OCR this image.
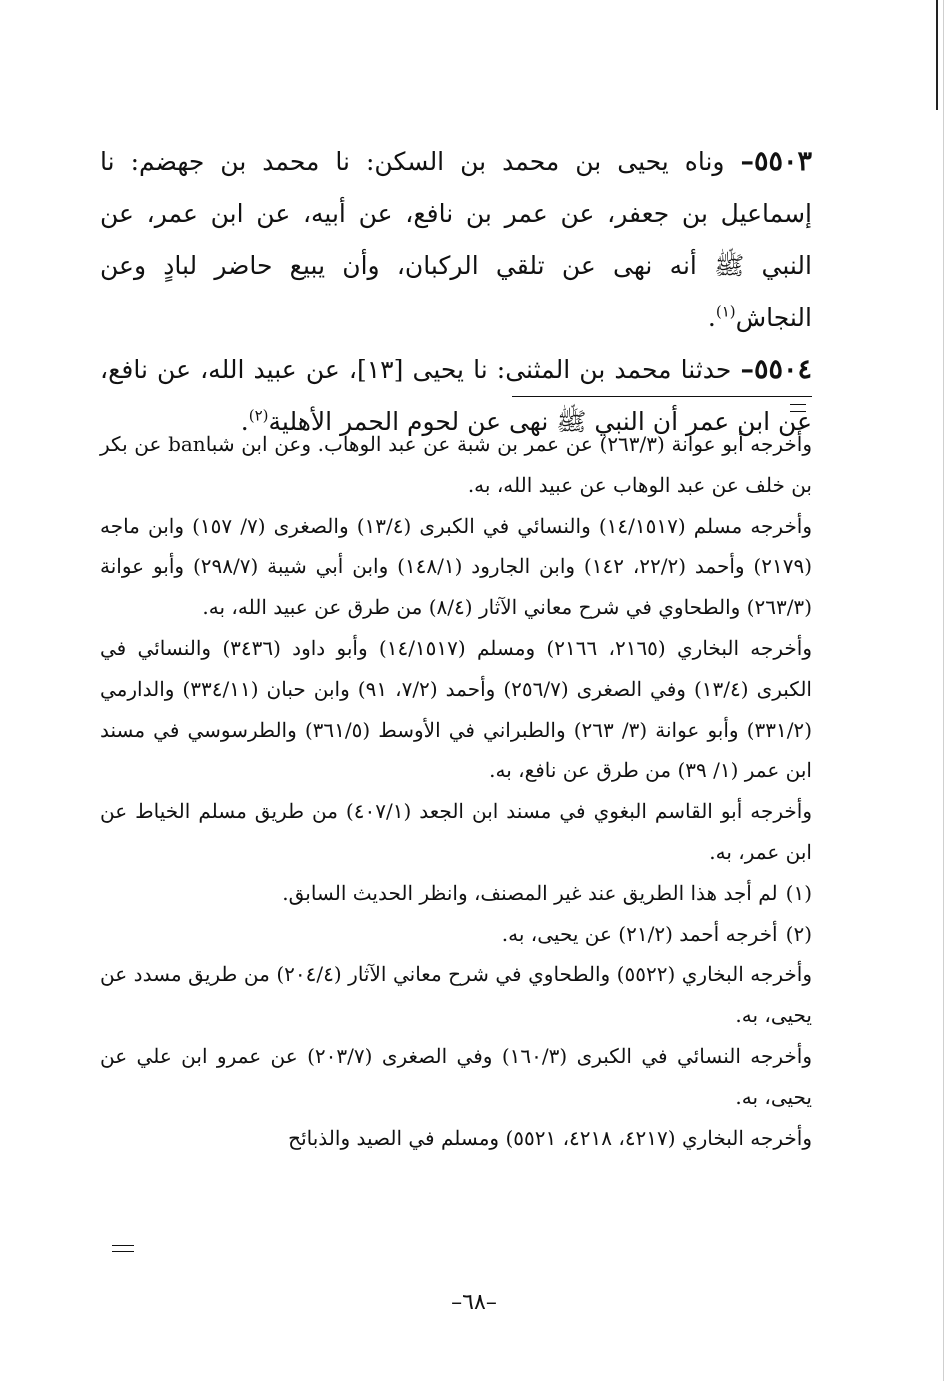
٥٥٠٣– وناه يحيى بن محمد بن السكن: نا محمد بن جهضم: نا إسماعيل بن جعفر، عن عمر بن نافع، عن أبيه، عن ابن عمر، عن النبي ﷺ أنه نهى عن تلقي الركبان، وأن يبيع حاضر لبادٍ وعن النجاش$^{(١)}$.

٥٥٠٤– حدثنا محمد بن المثنى: نا يحيى [١٣]، عن عبيد الله، عن نافع، عن ابن عمر أن النبي ﷺ نهى عن لحوم الحمر الأهلية$^{(٢)}$.

وأخرجه أبو عوانة (٢٦٣/٣) عن عمر بن شبة عن عبد الوهاب. وعن ابن شباban عن بكر بن خلف عن عبد الوهاب عن عبيد الله، به.

وأخرجه مسلم (١٤/١٥١٧) والنسائي في الكبرى (١٣/٤) والصغرى (٧/ ١٥٧) وابن ماجه (٢١٧٩) وأحمد (٢٢/٢، ١٤٢) وابن الجارود (١٤٨/١) وابن أبي شيبة (٢٩٨/٧) وأبو عوانة (٢٦٣/٣) والطحاوي في شرح معاني الآثار (٨/٤) من طرق عن عبيد الله، به.

وأخرجه البخاري (٢١٦٥، ٢١٦٦) ومسلم (١٤/١٥١٧) وأبو داود (٣٤٣٦) والنسائي في الكبرى (١٣/٤) وفي الصغرى (٢٥٦/٧) وأحمد (٧/٢، ٩١) وابن حبان (٣٣٤/١١) والدارمي (٣٣١/٢) وأبو عوانة (٣/ ٢٦٣) والطبراني في الأوسط (٣٦١/٥) والطرسوسي في مسند ابن عمر (١/ ٣٩) من طرق عن نافع، به.

وأخرجه أبو القاسم البغوي في مسند ابن الجعد (٤٠٧/١) من طريق مسلم الخياط عن ابن عمر، به.

(١)لم أجد هذا الطريق عند غير المصنف، وانظر الحديث السابق.

(٢)أخرجه أحمد (٢١/٢) عن يحيى، به.

وأخرجه البخاري (٥٥٢٢) والطحاوي في شرح معاني الآثار (٢٠٤/٤) من طريق مسدد عن يحيى، به.

وأخرجه النسائي في الكبرى (١٦٠/٣) وفي الصغرى (٢٠٣/٧) عن عمرو ابن علي عن يحيى، به.

وأخرجه البخاري (٤٢١٧، ٤٢١٨، ٥٥٢١) ومسلم في الصيد والذبائح

–٦٨–
